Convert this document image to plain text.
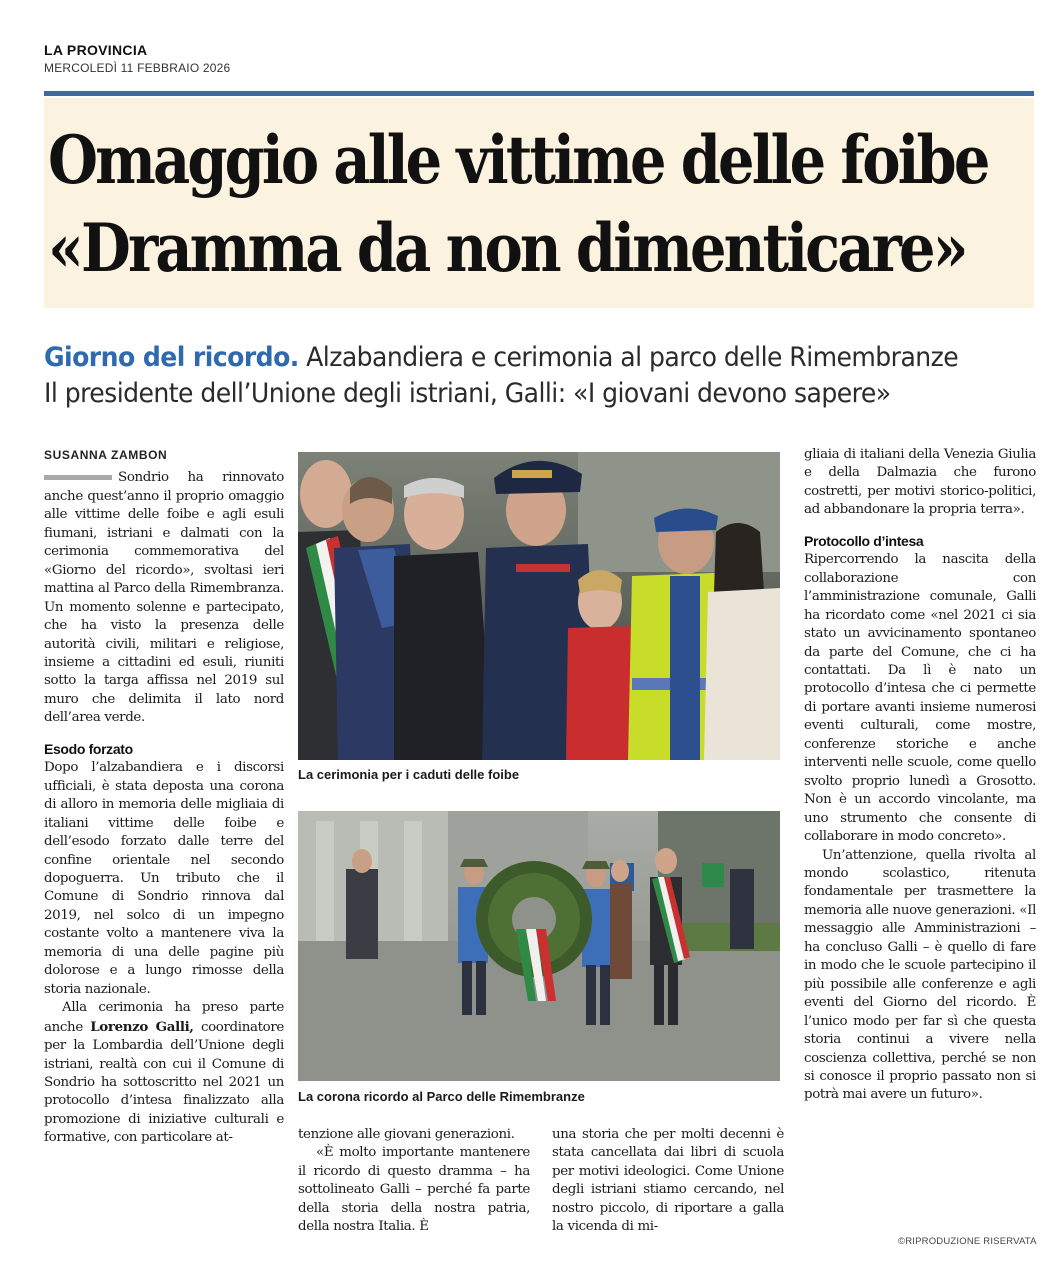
LA PROVINCIA
MERCOLEDÌ 11 FEBBRAIO 2026
Omaggio alle vittime delle foibe
«Dramma da non dimenticare»
Giorno del ricordo. Alzabandiera e cerimonia al parco delle Rimembranze
Il presidente dell’Unione degli istriani, Galli: «I giovani devono sapere»
SUSANNA ZAMBON

Sondrio ha rinnovato anche quest’anno il proprio omaggio alle vittime delle foibe e agli esuli fiumani, istriani e dalmati con la cerimonia commemorativa del «Giorno del ricordo», svoltasi ieri mattina al Parco della Rimembranza. Un momento solenne e partecipato, che ha visto la presenza delle autorità civili, militari e religiose, insieme a cittadini ed esuli, riuniti sotto la targa affissa nel 2019 sul muro che delimita il lato nord dell’area verde.

Esodo forzato

Dopo l’alzabandiera e i discorsi ufficiali, è stata deposta una corona di alloro in memoria delle migliaia di italiani vittime delle foibe e dell’esodo forzato dalle terre del confine orientale nel secondo dopoguerra. Un tributo che il Comune di Sondrio rinnova dal 2019, nel solco di un impegno costante volto a mantenere viva la memoria di una delle pagine più dolorose e a lungo rimosse della storia nazionale.

Alla cerimonia ha preso parte anche Lorenzo Galli, coordinatore per la Lombardia dell’Unione degli istriani, realtà con cui il Comune di Sondrio ha sottoscritto nel 2021 un protocollo d’intesa finalizzato alla promozione di iniziative culturali e formative, con particolare at-

La cerimonia per i caduti delle foibe
La corona ricordo al Parco delle Rimembranze

tenzione alle giovani generazioni.

«È molto importante mantenere il ricordo di questo dramma – ha sottolineato Galli – perché fa parte della storia della nostra patria, della nostra Italia. È

una storia che per molti decenni è stata cancellata dai libri di scuola per motivi ideologici. Come Unione degli istriani stiamo cercando, nel nostro piccolo, di riportare a galla la vicenda di mi-

gliaia di italiani della Venezia Giulia e della Dalmazia che furono costretti, per motivi storico-politici, ad abbandonare la propria terra».

Protocollo d’intesa

Ripercorrendo la nascita della collaborazione con l’amministrazione comunale, Galli ha ricordato come «nel 2021 ci sia stato un avvicinamento spontaneo da parte del Comune, che ci ha contattati. Da lì è nato un protocollo d’intesa che ci permette di portare avanti insieme numerosi eventi culturali, come mostre, conferenze storiche e anche interventi nelle scuole, come quello svolto proprio lunedì a Grosotto. Non è un accordo vincolante, ma uno strumento che consente di collaborare in modo concreto».

Un’attenzione, quella rivolta al mondo scolastico, ritenuta fondamentale per trasmettere la memoria alle nuove generazioni. «Il messaggio alle Amministrazioni – ha concluso Galli – è quello di fare in modo che le scuole partecipino il più possibile alle conferenze e agli eventi del Giorno del ricordo. È l’unico modo per far sì che questa storia continui a vivere nella coscienza collettiva, perché se non si conosce il proprio passato non si potrà mai avere un futuro».

©RIPRODUZIONE RISERVATA
